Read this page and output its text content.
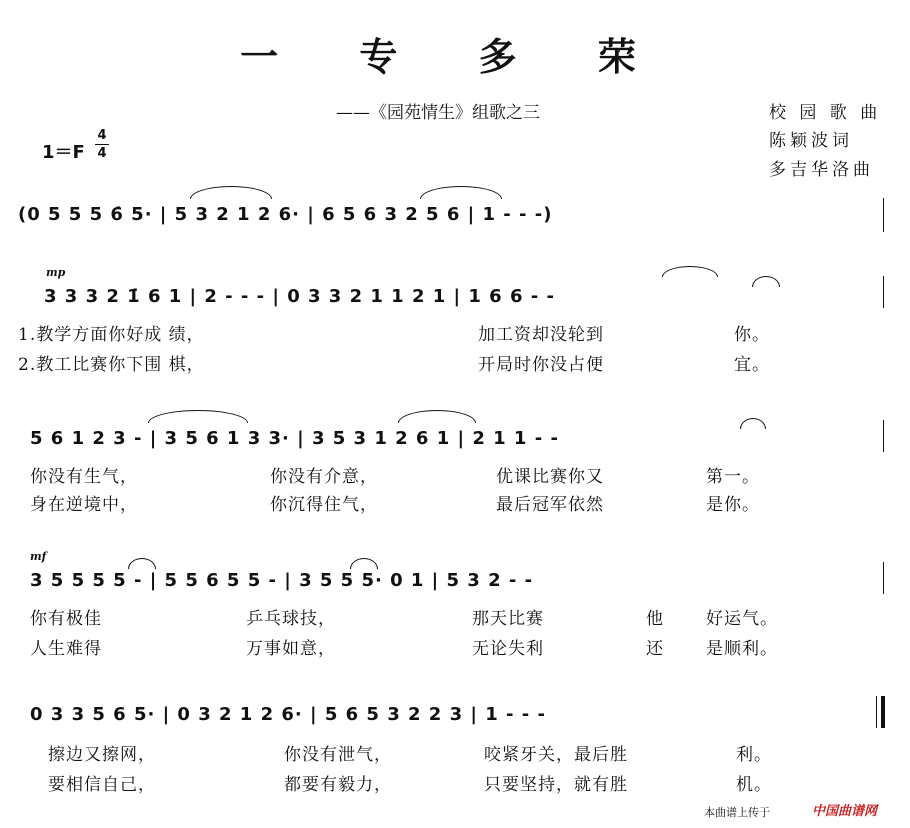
一 专 多 荣
——《园苑情生》组歌之三	校 园 歌 曲
陈颖波词
多吉华洛曲
1＝F
4
4
(0 5 5 5 6̇ 5· | 5 3 2 1 2 6· | 6 5 6 3 2 5 6 | 1 - - -)
mp
3 3 3 2 1̇ 6 1 | 2 - - - | 0 3 3 2 1 1 2 1 | 1 6 6 - -
1.教学方面你好成 绩，	加工资却没轮到	你。
2.教工比赛你下围 棋，	开局时你没占便	宜。
5 6 1 2 3 - | 3 5 6 1 3 3· | 3 5 3 1 2 6 1 | 2 1 1 - -
你没有生气，	你没有介意，	优课比赛你又	第一。
身在逆境中，	你沉得住气，	最后冠军依然	是你。
mf
3 5 5 5 5 - | 5 5 6 5 5 - | 3 5 5 5· 0 1 | 5 3 2 - -
你有极佳	乒乓球技，	那天比赛	他 好运气。
人生难得	万事如意，	无论失利	还 是顺利。
0 3 3 5 6 5· | 0 3 2 1 2 6· | 5 6 5 3 2 2 3 | 1 - - -
擦边又擦网，	你没有泄气，	咬紧牙关，最后胜	利。
要相信自己，	都要有毅力，	只要坚持，就有胜	机。
本曲谱上传于	中国曲谱网
